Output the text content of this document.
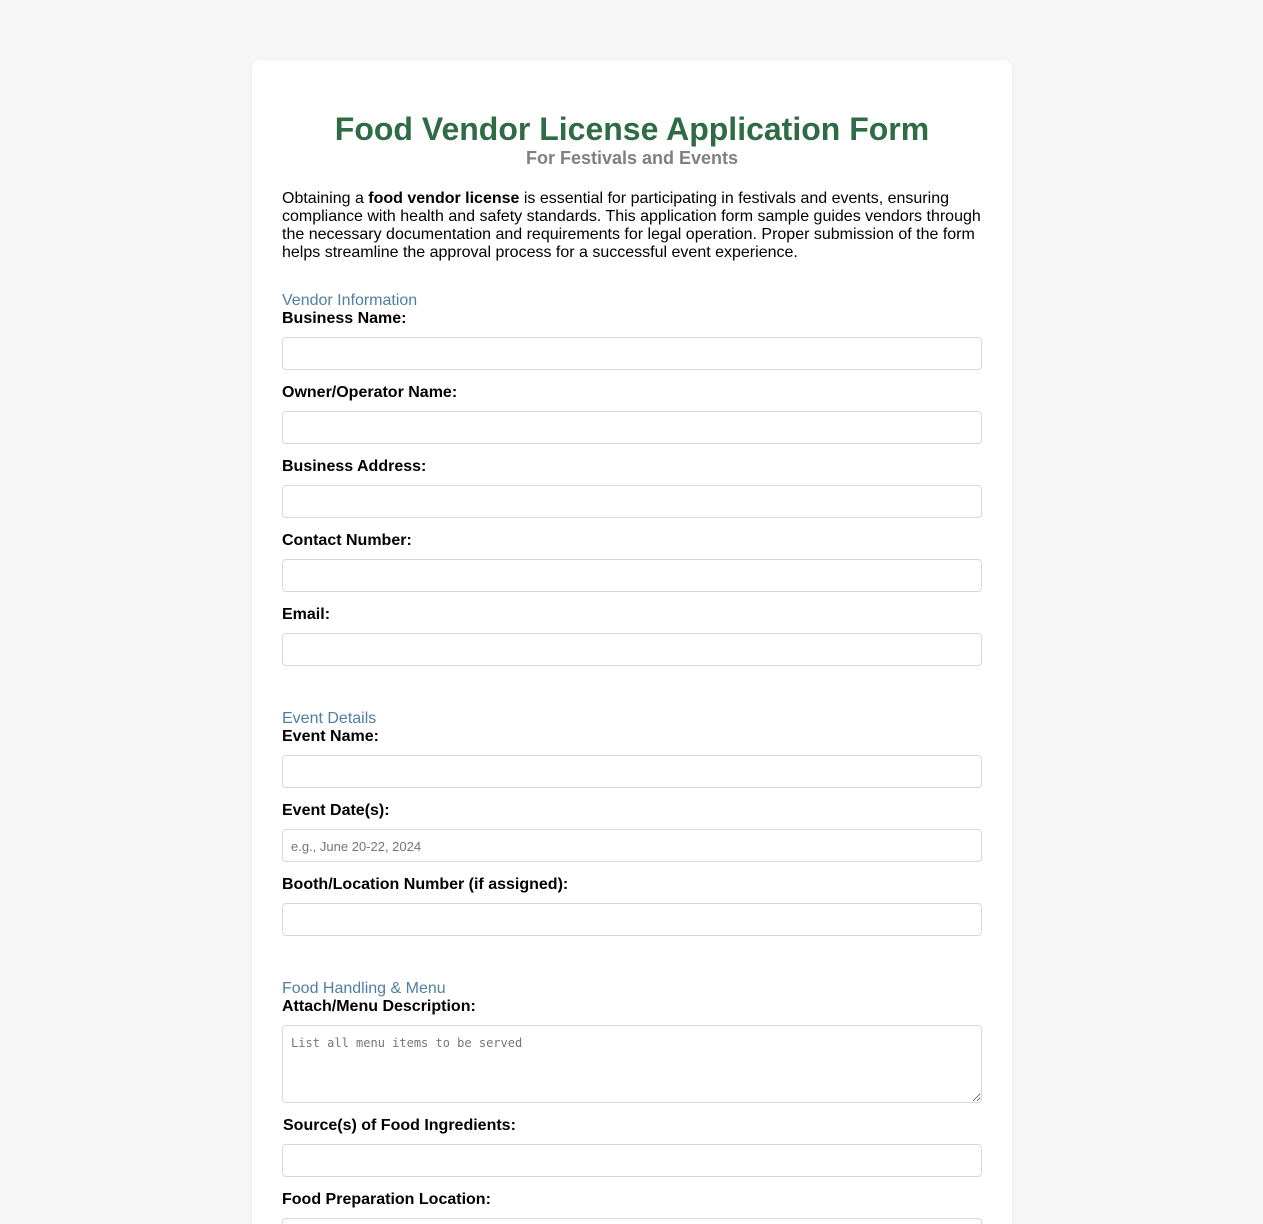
Food Vendor License Application Form
For Festivals and Events
Obtaining a food vendor license is essential for participating in festivals and events, ensuring compliance with health and safety standards. This application form sample guides vendors through the necessary documentation and requirements for legal operation. Proper submission of the form helps streamline the approval process for a successful event experience.
Vendor Information
Business Name:
Owner/Operator Name:
Business Address:
Contact Number:
Email:
Event Details
Event Name:
Event Date(s):
e.g., June 20-22, 2024
Booth/Location Number (if assigned):
Food Handling & Menu
Attach/Menu Description:
List all menu items to be served
Source(s) of Food Ingredients:
Food Preparation Location:
